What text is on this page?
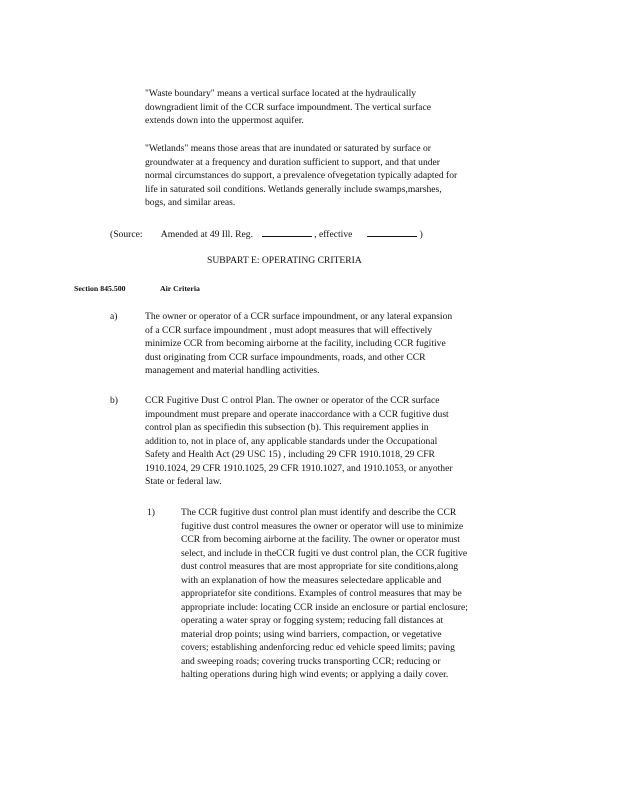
"Waste boundary" means a vertical surface located at the hydraulically
downgradient limit of the CCR surface impoundment. The vertical surface
extends down into the uppermost aquifer.
"Wetlands" means those areas that are inundated or saturated by surface or
groundwater at a frequency and duration sufficient to support, and that under
normal circumstances do support, a prevalence ofvegetation typically adapted for
life in saturated soil conditions. Wetlands generally include swamps,marshes,
bogs, and similar areas.
(Source: Amended at 49 Ill. Reg.	, effective	)
SUBPART E: OPERATING CRITERIA
Section 845.500	Air Criteria
a)	The owner or operator of a CCR surface impoundment, or any lateral expansion
of a CCR surface impoundment , must adopt measures that will effectively
minimize CCR from becoming airborne at the facility, including CCR fugitive
dust originating from CCR surface impoundments, roads, and other CCR
management and material handling activities.
b)	CCR Fugitive Dust C ontrol Plan. The owner or operator of the CCR surface
impoundment must prepare and operate inaccordance with a CCR fugitive dust
control plan as specifiedin this subsection (b). This requirement applies in
addition to, not in place of, any applicable standards under the Occupational
Safety and Health Act (29 USC 15) , including 29 CFR 1910.1018, 29 CFR
1910.1024, 29 CFR 1910.1025, 29 CFR 1910.1027, and 1910.1053, or anyother
State or federal law.
1)	The CCR fugitive dust control plan must identify and describe the CCR
fugitive dust control measures the owner or operator will use to minimize
CCR from becoming airborne at the facility. The owner or operator must
select, and include in theCCR fugiti ve dust control plan, the CCR fugitive
dust control measures that are most appropriate for site conditions,along
with an explanation of how the measures selectedare applicable and
appropriatefor site conditions. Examples of control measures that may be
appropriate include: locating CCR inside an enclosure or partial enclosure;
operating a water spray or fogging system; reducing fall distances at
material drop points; using wind barriers, compaction, or vegetative
covers; establishing andenforcing reduc ed vehicle speed limits; paving
and sweeping roads; covering trucks transporting CCR; reducing or
halting operations during high wind events; or applying a daily cover.
